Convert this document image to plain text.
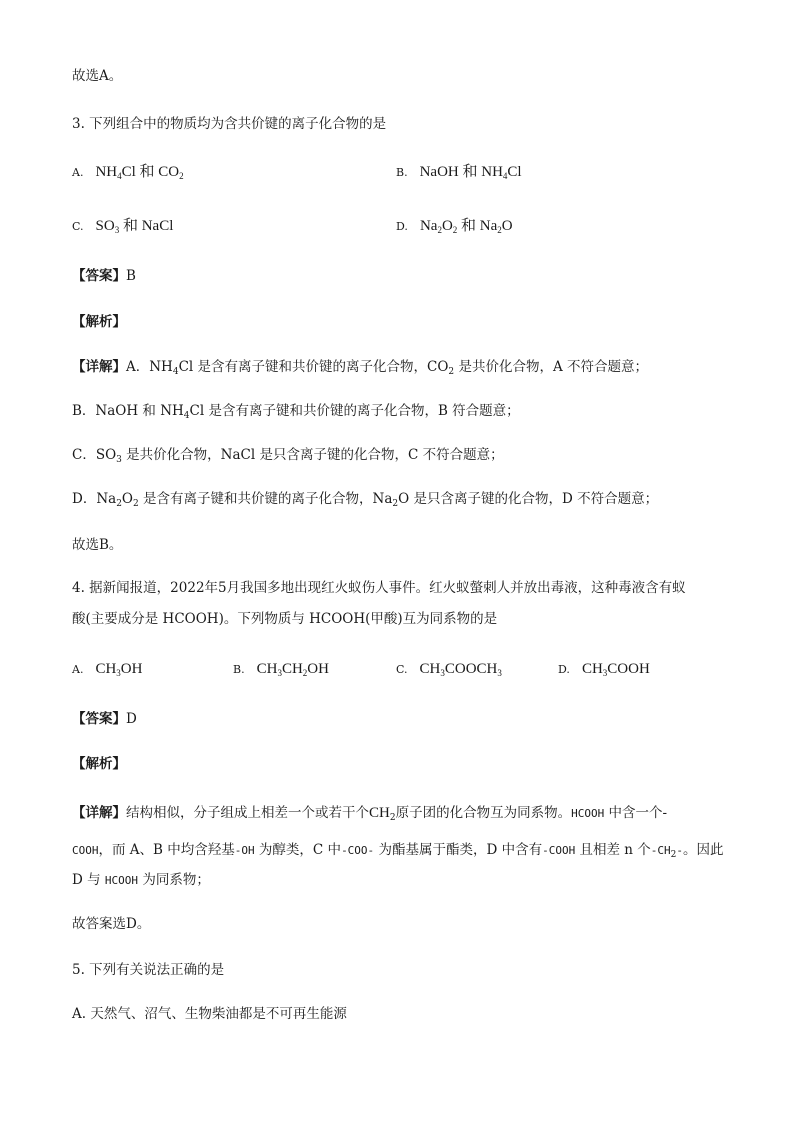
故选A。
3. 下列组合中的物质均为含共价键的离子化合物的是
A. $NH_4Cl$ 和 $CO_2$	B. NaOH 和 $NH_4Cl$
C. $SO_3$ 和 NaCl	D. $Na_2O_2$ 和 $Na_2O$
【答案】B
【解析】
【详解】A．$NH_4Cl$ 是含有离子键和共价键的离子化合物，$CO_2$ 是共价化合物，A 不符合题意；
B．NaOH 和 $NH_4Cl$ 是含有离子键和共价键的离子化合物，B 符合题意；
C．$SO_3$ 是共价化合物，NaCl 是只含离子键的化合物，C 不符合题意；
D．$Na_2O_2$ 是含有离子键和共价键的离子化合物，$Na_2O$ 是只含离子键的化合物，D 不符合题意；
故选B。
4. 据新闻报道，2022年5月我国多地出现红火蚁伤人事件。红火蚁螫刺人并放出毒液，这种毒液含有蚁
酸(主要成分是 HCOOH)。下列物质与 HCOOH(甲酸)互为同系物的是
A. $CH_3OH$	B. $CH_3CH_2OH$	C. $CH_3COOCH_3$	D. $CH_3COOH$
【答案】D
【解析】
【详解】结构相似，分子组成上相差一个或若干个$CH_2$原子团的化合物互为同系物。HCOOH 中含一个-
COOH，而 A、B 中均含羟基-OH 为醇类，C 中-COO- 为酯基属于酯类，D 中含有-COOH 且相差 n 个$-CH_2-$。因此
D 与 HCOOH 为同系物；
故答案选D。
5. 下列有关说法正确的是
A. 天然气、沼气、生物柴油都是不可再生能源
